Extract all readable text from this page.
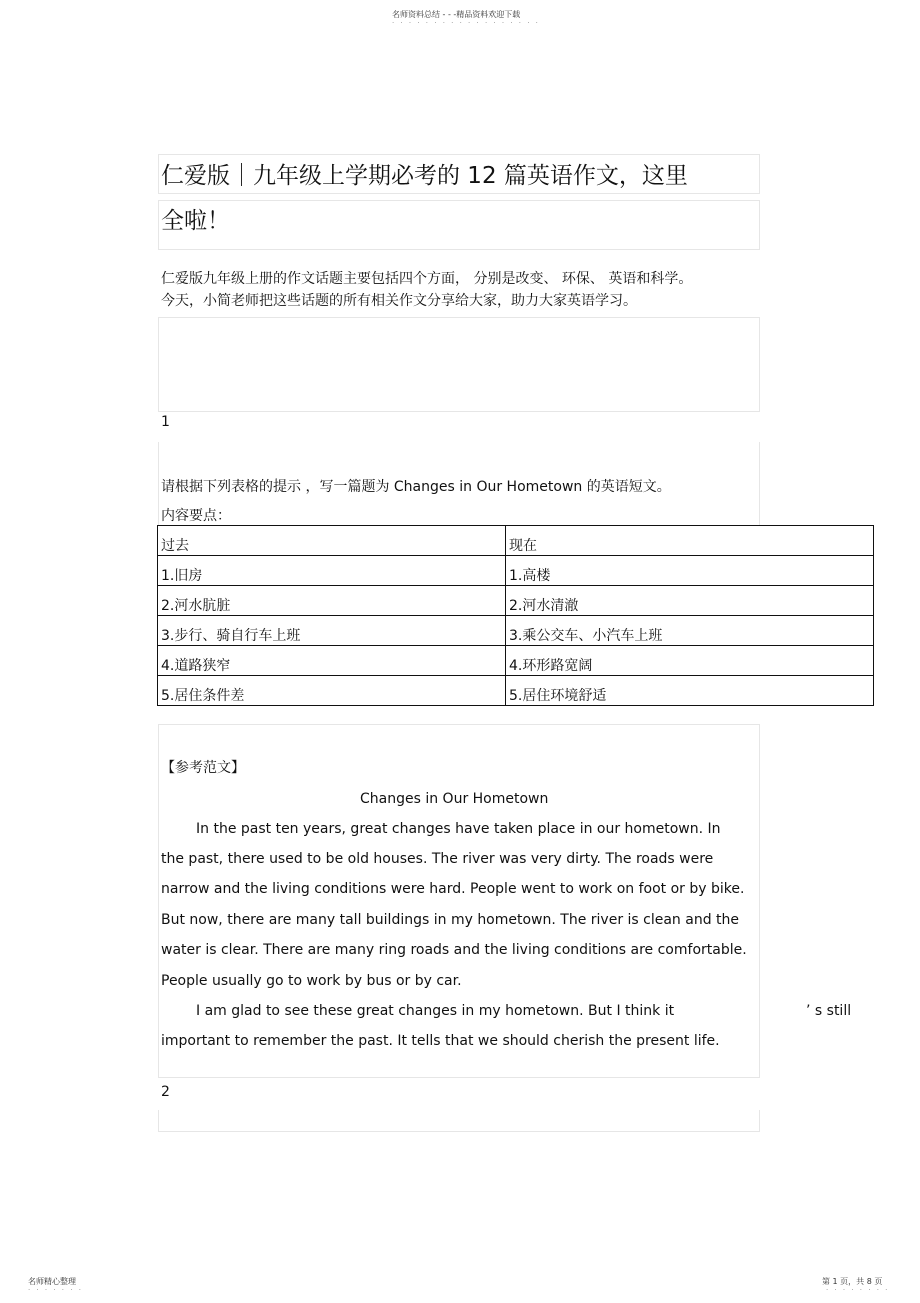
名师资料总结 - - -精品资料欢迎下载
· · · · · · · · · · · · · · · · · ·
仁爱版｜九年级上学期必考的 12 篇英语作文，这里
全啦！
仁爱版九年级上册的作文话题主要包括四个方面， 分别是改变、 环保、 英语和科学。
今天，小简老师把这些话题的所有相关作文分享给大家，助力大家英语学习。
1
请根据下列表格的提示 ，写一篇题为 Changes in Our Hometown 的英语短文。
内容要点：
过去	现在
1.旧房	1.高楼
2.河水肮脏	2.河水清澈
3.步行、骑自行车上班	3.乘公交车、小汽车上班
4.道路狭窄	4.环形路宽阔
5.居住条件差	5.居住环境舒适
【参考范文】
Changes in Our Hometown
In the past ten years, great changes have taken place in our hometown. In
the past, there used to be old houses. The river was very dirty. The roads were
narrow and the living conditions were hard. People went to work on foot or by bike.
But now, there are many tall buildings in my hometown. The river is clean and the
water is clear. There are many ring roads and the living conditions are comfortable.
People usually go to work by bus or by car.
I am glad to see these great changes in my hometown. But I think it	’ s still
important to remember the past. It tells that we should cherish the present life.
2
名师精心整理
· · · · · · ·
第 1 页，共 8 页
· · · · · · · ·
